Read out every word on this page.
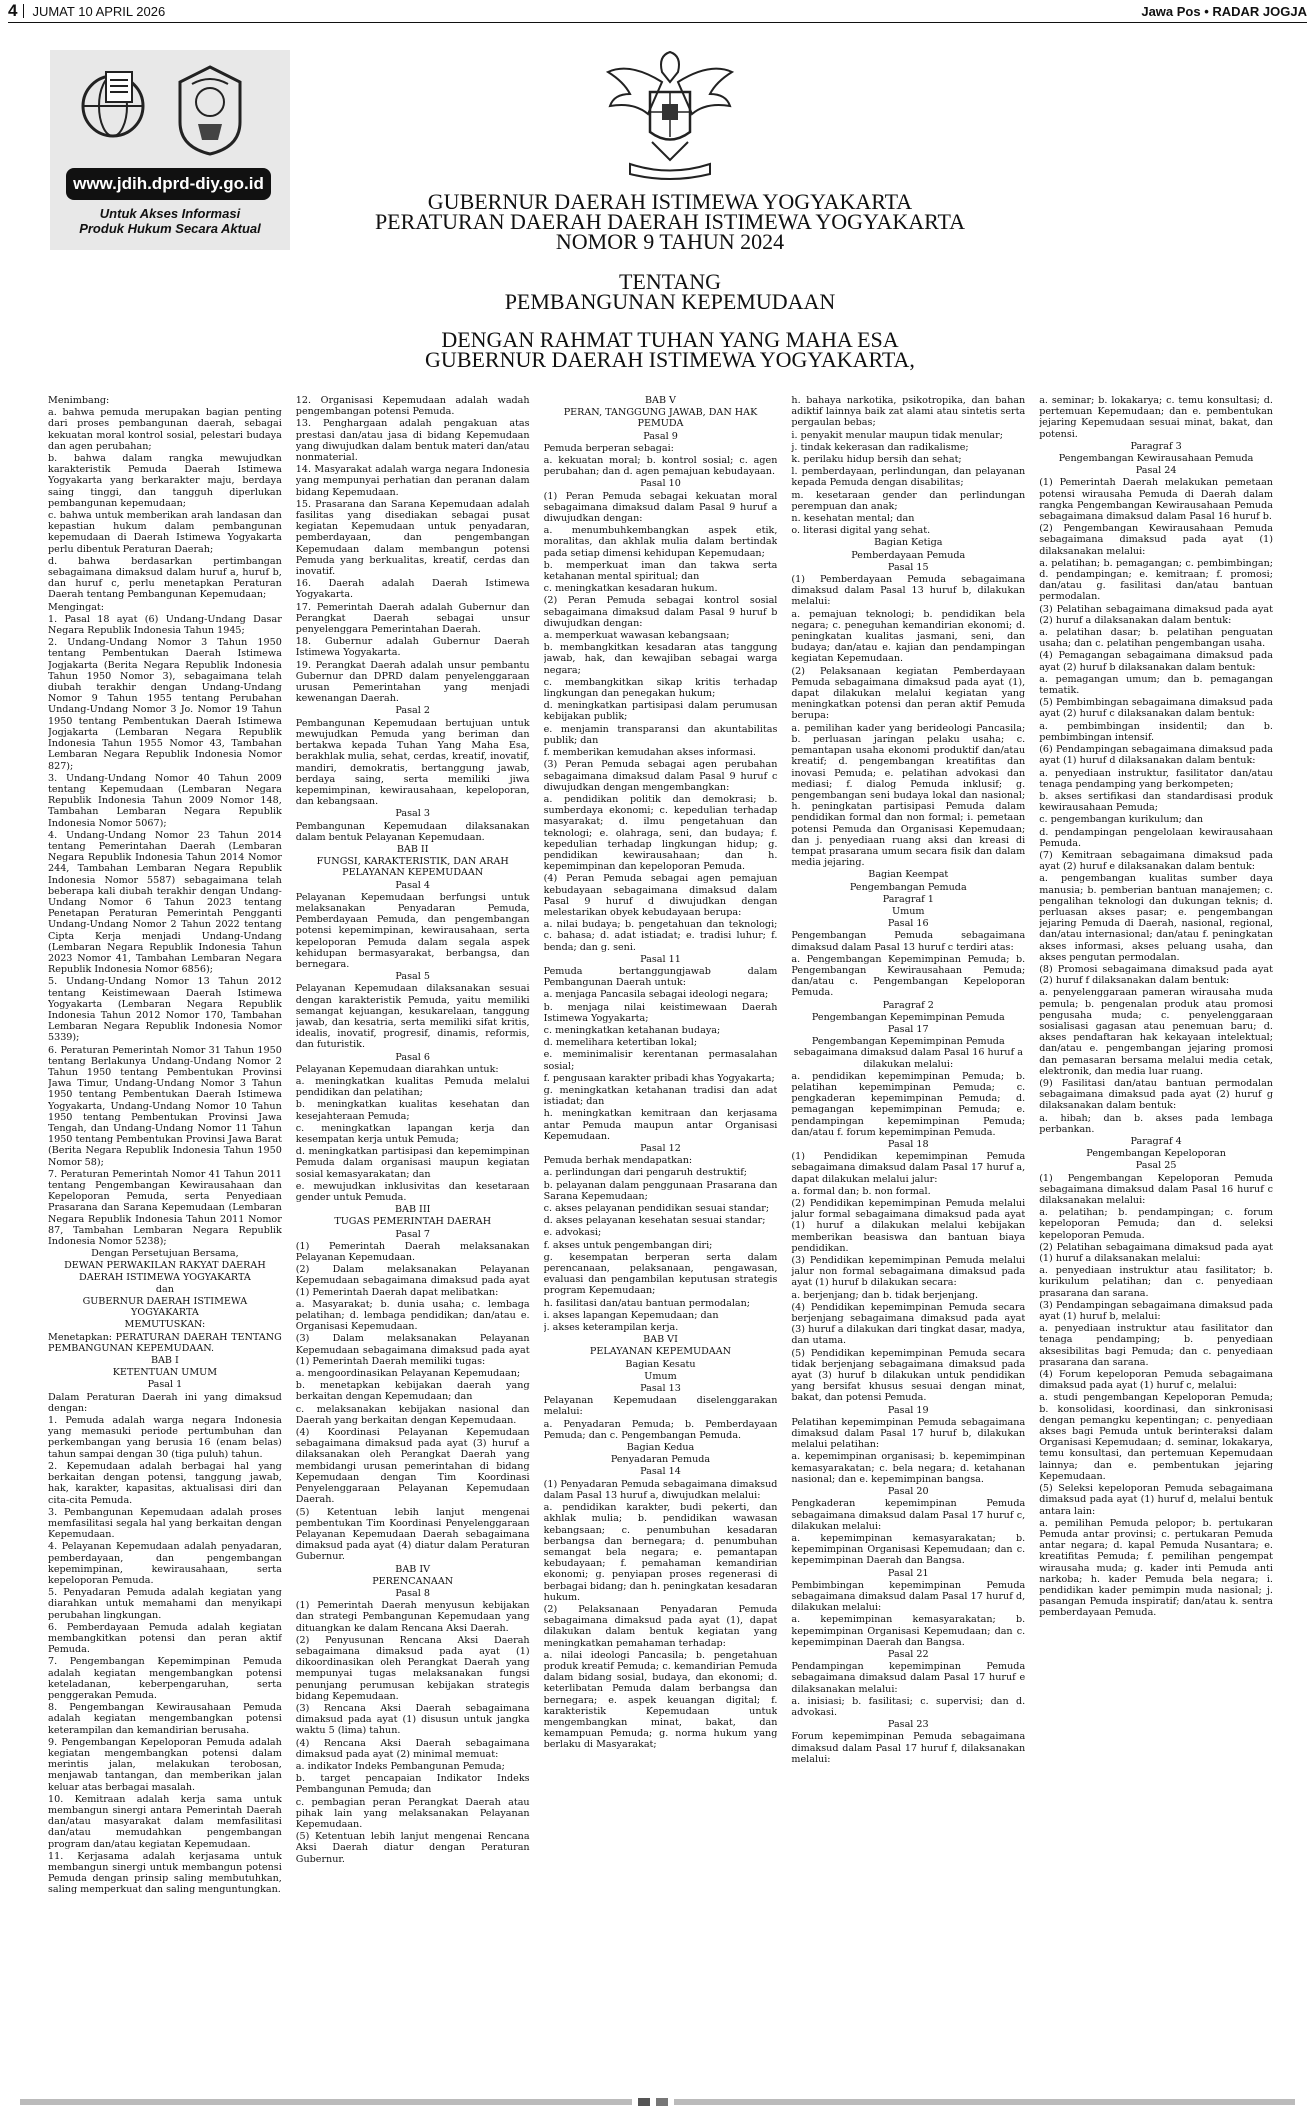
4 JUMAT 10 APRIL 2026	Jawa Pos • RADAR JOGJA
www.jdih.dprd-diy.go.id
Untuk Akses Informasi
Produk Hukum Secara Aktual
GUBERNUR DAERAH ISTIMEWA YOGYAKARTA
PERATURAN DAERAH DAERAH ISTIMEWA YOGYAKARTA
NOMOR 9 TAHUN 2024
TENTANG
PEMBANGUNAN KEPEMUDAAN
DENGAN RAHMAT TUHAN YANG MAHA ESA
GUBERNUR DAERAH ISTIMEWA YOGYAKARTA,

Menimbang:

a. bahwa pemuda merupakan bagian penting dari proses pembangunan daerah, sebagai kekuatan moral kontrol sosial, pelestari budaya dan agen perubahan;

b. bahwa dalam rangka mewujudkan karakteristik Pemuda Daerah Istimewa Yogyakarta yang berkarakter maju, berdaya saing tinggi, dan tangguh diperlukan pembangunan kepemudaan;

c. bahwa untuk memberikan arah landasan dan kepastian hukum dalam pembangunan kepemudaan di Daerah Istimewa Yogyakarta perlu dibentuk Peraturan Daerah;

d. bahwa berdasarkan pertimbangan sebagaimana dimaksud dalam huruf a, huruf b, dan huruf c, perlu menetapkan Peraturan Daerah tentang Pembangunan Kepemudaan;

Mengingat:

1. Pasal 18 ayat (6) Undang-Undang Dasar Negara Republik Indonesia Tahun 1945;

2. Undang-Undang Nomor 3 Tahun 1950 tentang Pembentukan Daerah Istimewa Jogjakarta (Berita Negara Republik Indonesia Tahun 1950 Nomor 3), sebagaimana telah diubah terakhir dengan Undang-Undang Nomor 9 Tahun 1955 tentang Perubahan Undang-Undang Nomor 3 Jo. Nomor 19 Tahun 1950 tentang Pembentukan Daerah Istimewa Jogjakarta (Lembaran Negara Republik Indonesia Tahun 1955 Nomor 43, Tambahan Lembaran Negara Republik Indonesia Nomor 827);

3. Undang-Undang Nomor 40 Tahun 2009 tentang Kepemudaan (Lembaran Negara Republik Indonesia Tahun 2009 Nomor 148, Tambahan Lembaran Negara Republik Indonesia Nomor 5067);

4. Undang-Undang Nomor 23 Tahun 2014 tentang Pemerintahan Daerah (Lembaran Negara Republik Indonesia Tahun 2014 Nomor 244, Tambahan Lembaran Negara Republik Indonesia Nomor 5587) sebagaimana telah beberapa kali diubah terakhir dengan Undang-Undang Nomor 6 Tahun 2023 tentang Penetapan Peraturan Pemerintah Pengganti Undang-Undang Nomor 2 Tahun 2022 tentang Cipta Kerja menjadi Undang-Undang (Lembaran Negara Republik Indonesia Tahun 2023 Nomor 41, Tambahan Lembaran Negara Republik Indonesia Nomor 6856);

5. Undang-Undang Nomor 13 Tahun 2012 tentang Keistimewaan Daerah Istimewa Yogyakarta (Lembaran Negara Republik Indonesia Tahun 2012 Nomor 170, Tambahan Lembaran Negara Republik Indonesia Nomor 5339);

6. Peraturan Pemerintah Nomor 31 Tahun 1950 tentang Berlakunya Undang-Undang Nomor 2 Tahun 1950 tentang Pembentukan Provinsi Jawa Timur, Undang-Undang Nomor 3 Tahun 1950 tentang Pembentukan Daerah Istimewa Yogyakarta, Undang-Undang Nomor 10 Tahun 1950 tentang Pembentukan Provinsi Jawa Tengah, dan Undang-Undang Nomor 11 Tahun 1950 tentang Pembentukan Provinsi Jawa Barat (Berita Negara Republik Indonesia Tahun 1950 Nomor 58);

7. Peraturan Pemerintah Nomor 41 Tahun 2011 tentang Pengembangan Kewirausahaan dan Kepeloporan Pemuda, serta Penyediaan Prasarana dan Sarana Kepemudaan (Lembaran Negara Republik Indonesia Tahun 2011 Nomor 87, Tambahan Lembaran Negara Republik Indonesia Nomor 5238);

Dengan Persetujuan Bersama,

DEWAN PERWAKILAN RAKYAT DAERAH DAERAH ISTIMEWA YOGYAKARTA

dan

GUBERNUR DAERAH ISTIMEWA YOGYAKARTA

MEMUTUSKAN:

Menetapkan: PERATURAN DAERAH TENTANG PEMBANGUNAN KEPEMUDAAN.

BAB I

KETENTUAN UMUM

Pasal 1

Dalam Peraturan Daerah ini yang dimaksud dengan:

1. Pemuda adalah warga negara Indonesia yang memasuki periode pertumbuhan dan perkembangan yang berusia 16 (enam belas) tahun sampai dengan 30 (tiga puluh) tahun.

2. Kepemudaan adalah berbagai hal yang berkaitan dengan potensi, tanggung jawab, hak, karakter, kapasitas, aktualisasi diri dan cita-cita Pemuda.

3. Pembangunan Kepemudaan adalah proses memfasilitasi segala hal yang berkaitan dengan Kepemudaan.

4. Pelayanan Kepemudaan adalah penyadaran, pemberdayaan, dan pengembangan kepemimpinan, kewirausahaan, serta kepeloporan Pemuda.

5. Penyadaran Pemuda adalah kegiatan yang diarahkan untuk memahami dan menyikapi perubahan lingkungan.

6. Pemberdayaan Pemuda adalah kegiatan membangkitkan potensi dan peran aktif Pemuda.

7. Pengembangan Kepemimpinan Pemuda adalah kegiatan mengembangkan potensi keteladanan, keberpengaruhan, serta penggerakan Pemuda.

8. Pengembangan Kewirausahaan Pemuda adalah kegiatan mengembangkan potensi keterampilan dan kemandirian berusaha.

9. Pengembangan Kepeloporan Pemuda adalah kegiatan mengembangkan potensi dalam merintis jalan, melakukan terobosan, menjawab tantangan, dan memberikan jalan keluar atas berbagai masalah.

10. Kemitraan adalah kerja sama untuk membangun sinergi antara Pemerintah Daerah dan/atau masyarakat dalam memfasilitasi dan/atau memudahkan pengembangan program dan/atau kegiatan Kepemudaan.

11. Kerjasama adalah kerjasama untuk membangun sinergi untuk membangun potensi Pemuda dengan prinsip saling membutuhkan, saling memperkuat dan saling menguntungkan.

12. Organisasi Kepemudaan adalah wadah pengembangan potensi Pemuda.

13. Penghargaan adalah pengakuan atas prestasi dan/atau jasa di bidang Kepemudaan yang diwujudkan dalam bentuk materi dan/atau nonmaterial.

14. Masyarakat adalah warga negara Indonesia yang mempunyai perhatian dan peranan dalam bidang Kepemudaan.

15. Prasarana dan Sarana Kepemudaan adalah fasilitas yang disediakan sebagai pusat kegiatan Kepemudaan untuk penyadaran, pemberdayaan, dan pengembangan Kepemudaan dalam membangun potensi Pemuda yang berkualitas, kreatif, cerdas dan inovatif.

16. Daerah adalah Daerah Istimewa Yogyakarta.

17. Pemerintah Daerah adalah Gubernur dan Perangkat Daerah sebagai unsur penyelenggara Pemerintahan Daerah.

18. Gubernur adalah Gubernur Daerah Istimewa Yogyakarta.

19. Perangkat Daerah adalah unsur pembantu Gubernur dan DPRD dalam penyelenggaraan urusan Pemerintahan yang menjadi kewenangan Daerah.

Pasal 2

Pembangunan Kepemudaan bertujuan untuk mewujudkan Pemuda yang beriman dan bertakwa kepada Tuhan Yang Maha Esa, berakhlak mulia, sehat, cerdas, kreatif, inovatif, mandiri, demokratis, bertanggung jawab, berdaya saing, serta memiliki jiwa kepemimpinan, kewirausahaan, kepeloporan, dan kebangsaan.

Pasal 3

Pembangunan Kepemudaan dilaksanakan dalam bentuk Pelayanan Kepemudaan.

BAB II

FUNGSI, KARAKTERISTIK, DAN ARAH PELAYANAN KEPEMUDAAN

Pasal 4

Pelayanan Kepemudaan berfungsi untuk melaksanakan Penyadaran Pemuda, Pemberdayaan Pemuda, dan pengembangan potensi kepemimpinan, kewirausahaan, serta kepeloporan Pemuda dalam segala aspek kehidupan bermasyarakat, berbangsa, dan bernegara.

Pasal 5

Pelayanan Kepemudaan dilaksanakan sesuai dengan karakteristik Pemuda, yaitu memiliki semangat kejuangan, kesukarelaan, tanggung jawab, dan kesatria, serta memiliki sifat kritis, idealis, inovatif, progresif, dinamis, reformis, dan futuristik.

Pasal 6

Pelayanan Kepemudaan diarahkan untuk:

a. meningkatkan kualitas Pemuda melalui pendidikan dan pelatihan;

b. meningkatkan kualitas kesehatan dan kesejahteraan Pemuda;

c. meningkatkan lapangan kerja dan kesempatan kerja untuk Pemuda;

d. meningkatkan partisipasi dan kepemimpinan Pemuda dalam organisasi maupun kegiatan sosial kemasyarakatan; dan

e. mewujudkan inklusivitas dan kesetaraan gender untuk Pemuda.

BAB III

TUGAS PEMERINTAH DAERAH

Pasal 7

(1) Pemerintah Daerah melaksanakan Pelayanan Kepemudaan.

(2) Dalam melaksanakan Pelayanan Kepemudaan sebagaimana dimaksud pada ayat (1) Pemerintah Daerah dapat melibatkan:

a. Masyarakat; b. dunia usaha; c. lembaga pelatihan; d. lembaga pendidikan; dan/atau e. Organisasi Kepemudaan.

(3) Dalam melaksanakan Pelayanan Kepemudaan sebagaimana dimaksud pada ayat (1) Pemerintah Daerah memiliki tugas:

a. mengoordinasikan Pelayanan Kepemudaan;

b. menetapkan kebijakan daerah yang berkaitan dengan Kepemudaan; dan

c. melaksanakan kebijakan nasional dan Daerah yang berkaitan dengan Kepemudaan.

(4) Koordinasi Pelayanan Kepemudaan sebagaimana dimaksud pada ayat (3) huruf a dilaksanakan oleh Perangkat Daerah yang membidangi urusan pemerintahan di bidang Kepemudaan dengan Tim Koordinasi Penyelenggaraan Pelayanan Kepemudaan Daerah.

(5) Ketentuan lebih lanjut mengenai pembentukan Tim Koordinasi Penyelenggaraan Pelayanan Kepemudaan Daerah sebagaimana dimaksud pada ayat (4) diatur dalam Peraturan Gubernur.

BAB IV

PERENCANAAN

Pasal 8

(1) Pemerintah Daerah menyusun kebijakan dan strategi Pembangunan Kepemudaan yang dituangkan ke dalam Rencana Aksi Daerah.

(2) Penyusunan Rencana Aksi Daerah sebagaimana dimaksud pada ayat (1) dikoordinasikan oleh Perangkat Daerah yang mempunyai tugas melaksanakan fungsi penunjang perumusan kebijakan strategis bidang Kepemudaan.

(3) Rencana Aksi Daerah sebagaimana dimaksud pada ayat (1) disusun untuk jangka waktu 5 (lima) tahun.

(4) Rencana Aksi Daerah sebagaimana dimaksud pada ayat (2) minimal memuat:

a. indikator Indeks Pembangunan Pemuda;

b. target pencapaian Indikator Indeks Pembangunan Pemuda; dan

c. pembagian peran Perangkat Daerah atau pihak lain yang melaksanakan Pelayanan Kepemudaan.

(5) Ketentuan lebih lanjut mengenai Rencana Aksi Daerah diatur dengan Peraturan Gubernur.

BAB V

PERAN, TANGGUNG JAWAB, DAN HAK PEMUDA

Pasal 9

Pemuda berperan sebagai:

a. kekuatan moral; b. kontrol sosial; c. agen perubahan; dan d. agen pemajuan kebudayaan.

Pasal 10

(1) Peran Pemuda sebagai kekuatan moral sebagaimana dimaksud dalam Pasal 9 huruf a diwujudkan dengan:

a. menumbuhkembangkan aspek etik, moralitas, dan akhlak mulia dalam bertindak pada setiap dimensi kehidupan Kepemudaan;

b. memperkuat iman dan takwa serta ketahanan mental spiritual; dan

c. meningkatkan kesadaran hukum.

(2) Peran Pemuda sebagai kontrol sosial sebagaimana dimaksud dalam Pasal 9 huruf b diwujudkan dengan:

a. memperkuat wawasan kebangsaan;

b. membangkitkan kesadaran atas tanggung jawab, hak, dan kewajiban sebagai warga negara;

c. membangkitkan sikap kritis terhadap lingkungan dan penegakan hukum;

d. meningkatkan partisipasi dalam perumusan kebijakan publik;

e. menjamin transparansi dan akuntabilitas publik; dan

f. memberikan kemudahan akses informasi.

(3) Peran Pemuda sebagai agen perubahan sebagaimana dimaksud dalam Pasal 9 huruf c diwujudkan dengan mengembangkan:

a. pendidikan politik dan demokrasi; b. sumberdaya ekonomi; c. kepedulian terhadap masyarakat; d. ilmu pengetahuan dan teknologi; e. olahraga, seni, dan budaya; f. kepedulian terhadap lingkungan hidup; g. pendidikan kewirausahaan; dan h. kepemimpinan dan kepeloporan Pemuda.

(4) Peran Pemuda sebagai agen pemajuan kebudayaan sebagaimana dimaksud dalam Pasal 9 huruf d diwujudkan dengan melestarikan obyek kebudayaan berupa:

a. nilai budaya; b. pengetahuan dan teknologi; c. bahasa; d. adat istiadat; e. tradisi luhur; f. benda; dan g. seni.

Pasal 11

Pemuda bertanggungjawab dalam Pembangunan Daerah untuk:

a. menjaga Pancasila sebagai ideologi negara;

b. menjaga nilai keistimewaan Daerah Istimewa Yogyakarta;

c. meningkatkan ketahanan budaya;

d. memelihara ketertiban lokal;

e. meminimalisir kerentanan permasalahan sosial;

f. pengusaan karakter pribadi khas Yogyakarta;

g. meningkatkan ketahanan tradisi dan adat istiadat; dan

h. meningkatkan kemitraan dan kerjasama antar Pemuda maupun antar Organisasi Kepemudaan.

Pasal 12

Pemuda berhak mendapatkan:

a. perlindungan dari pengaruh destruktif;

b. pelayanan dalam penggunaan Prasarana dan Sarana Kepemudaan;

c. akses pelayanan pendidikan sesuai standar;

d. akses pelayanan kesehatan sesuai standar;

e. advokasi;

f. akses untuk pengembangan diri;

g. kesempatan berperan serta dalam perencanaan, pelaksanaan, pengawasan, evaluasi dan pengambilan keputusan strategis program Kepemudaan;

h. fasilitasi dan/atau bantuan permodalan;

i. akses lapangan Kepemudaan; dan

j. akses keterampilan kerja.

BAB VI

PELAYANAN KEPEMUDAAN

Bagian Kesatu

Umum

Pasal 13

Pelayanan Kepemudaan diselenggarakan melalui:

a. Penyadaran Pemuda; b. Pemberdayaan Pemuda; dan c. Pengembangan Pemuda.

Bagian Kedua

Penyadaran Pemuda

Pasal 14

(1) Penyadaran Pemuda sebagaimana dimaksud dalam Pasal 13 huruf a, diwujudkan melalui:

a. pendidikan karakter, budi pekerti, dan akhlak mulia; b. pendidikan wawasan kebangsaan; c. penumbuhan kesadaran berbangsa dan bernegara; d. penumbuhan semangat bela negara; e. pemantapan kebudayaan; f. pemahaman kemandirian ekonomi; g. penyiapan proses regenerasi di berbagai bidang; dan h. peningkatan kesadaran hukum.

(2) Pelaksanaan Penyadaran Pemuda sebagaimana dimaksud pada ayat (1), dapat dilakukan dalam bentuk kegiatan yang meningkatkan pemahaman terhadap:

a. nilai ideologi Pancasila; b. pengetahuan produk kreatif Pemuda; c. kemandirian Pemuda dalam bidang sosial, budaya, dan ekonomi; d. keterlibatan Pemuda dalam berbangsa dan bernegara; e. aspek keuangan digital; f. karakteristik Kepemudaan untuk mengembangkan minat, bakat, dan kemampuan Pemuda; g. norma hukum yang berlaku di Masyarakat;

h. bahaya narkotika, psikotropika, dan bahan adiktif lainnya baik zat alami atau sintetis serta pergaulan bebas;

i. penyakit menular maupun tidak menular;

j. tindak kekerasan dan radikalisme;

k. perilaku hidup bersih dan sehat;

l. pemberdayaan, perlindungan, dan pelayanan kepada Pemuda dengan disabilitas;

m. kesetaraan gender dan perlindungan perempuan dan anak;

n. kesehatan mental; dan

o. literasi digital yang sehat.

Bagian Ketiga

Pemberdayaan Pemuda

Pasal 15

(1) Pemberdayaan Pemuda sebagaimana dimaksud dalam Pasal 13 huruf b, dilakukan melalui:

a. pemajuan teknologi; b. pendidikan bela negara; c. peneguhan kemandirian ekonomi; d. peningkatan kualitas jasmani, seni, dan budaya; dan/atau e. kajian dan pendampingan kegiatan Kepemudaan.

(2) Pelaksanaan kegiatan Pemberdayaan Pemuda sebagaimana dimaksud pada ayat (1), dapat dilakukan melalui kegiatan yang meningkatkan potensi dan peran aktif Pemuda berupa:

a. pemilihan kader yang berideologi Pancasila; b. perluasan jaringan pelaku usaha; c. pemantapan usaha ekonomi produktif dan/atau kreatif; d. pengembangan kreatifitas dan inovasi Pemuda; e. pelatihan advokasi dan mediasi; f. dialog Pemuda inklusif; g. pengembangan seni budaya lokal dan nasional; h. peningkatan partisipasi Pemuda dalam pendidikan formal dan non formal; i. pemetaan potensi Pemuda dan Organisasi Kepemudaan; dan j. penyediaan ruang aksi dan kreasi di tempat prasarana umum secara fisik dan dalam media jejaring.

Bagian Keempat

Pengembangan Pemuda

Paragraf 1

Umum

Pasal 16

Pengembangan Pemuda sebagaimana dimaksud dalam Pasal 13 huruf c terdiri atas:

a. Pengembangan Kepemimpinan Pemuda; b. Pengembangan Kewirausahaan Pemuda; dan/atau c. Pengembangan Kepeloporan Pemuda.

Paragraf 2

Pengembangan Kepemimpinan Pemuda

Pasal 17

Pengembangan Kepemimpinan Pemuda sebagaimana dimaksud dalam Pasal 16 huruf a dilakukan melalui:

a. pendidikan kepemimpinan Pemuda; b. pelatihan kepemimpinan Pemuda; c. pengkaderan kepemimpinan Pemuda; d. pemagangan kepemimpinan Pemuda; e. pendampingan kepemimpinan Pemuda; dan/atau f. forum kepemimpinan Pemuda.

Pasal 18

(1) Pendidikan kepemimpinan Pemuda sebagaimana dimaksud dalam Pasal 17 huruf a, dapat dilakukan melalui jalur:

a. formal dan; b. non formal.

(2) Pendidikan kepemimpinan Pemuda melalui jalur formal sebagaimana dimaksud pada ayat (1) huruf a dilakukan melalui kebijakan memberikan beasiswa dan bantuan biaya pendidikan.

(3) Pendidikan kepemimpinan Pemuda melalui jalur non formal sebagaimana dimaksud pada ayat (1) huruf b dilakukan secara:

a. berjenjang; dan b. tidak berjenjang.

(4) Pendidikan kepemimpinan Pemuda secara berjenjang sebagaimana dimaksud pada ayat (3) huruf a dilakukan dari tingkat dasar, madya, dan utama.

(5) Pendidikan kepemimpinan Pemuda secara tidak berjenjang sebagaimana dimaksud pada ayat (3) huruf b dilakukan untuk pendidikan yang bersifat khusus sesuai dengan minat, bakat, dan potensi Pemuda.

Pasal 19

Pelatihan kepemimpinan Pemuda sebagaimana dimaksud dalam Pasal 17 huruf b, dilakukan melalui pelatihan:

a. kepemimpinan organisasi; b. kepemimpinan kemasyarakatan; c. bela negara; d. ketahanan nasional; dan e. kepemimpinan bangsa.

Pasal 20

Pengkaderan kepemimpinan Pemuda sebagaimana dimaksud dalam Pasal 17 huruf c, dilakukan melalui:

a. kepemimpinan kemasyarakatan; b. kepemimpinan Organisasi Kepemudaan; dan c. kepemimpinan Daerah dan Bangsa.

Pasal 21

Pembimbingan kepemimpinan Pemuda sebagaimana dimaksud dalam Pasal 17 huruf d, dilakukan melalui:

a. kepemimpinan kemasyarakatan; b. kepemimpinan Organisasi Kepemudaan; dan c. kepemimpinan Daerah dan Bangsa.

Pasal 22

Pendampingan kepemimpinan Pemuda sebagaimana dimaksud dalam Pasal 17 huruf e dilaksanakan melalui:

a. inisiasi; b. fasilitasi; c. supervisi; dan d. advokasi.

Pasal 23

Forum kepemimpinan Pemuda sebagaimana dimaksud dalam Pasal 17 huruf f, dilaksanakan melalui:

a. seminar; b. lokakarya; c. temu konsultasi; d. pertemuan Kepemudaan; dan e. pembentukan jejaring Kepemudaan sesuai minat, bakat, dan potensi.

Paragraf 3

Pengembangan Kewirausahaan Pemuda

Pasal 24

(1) Pemerintah Daerah melakukan pemetaan potensi wirausaha Pemuda di Daerah dalam rangka Pengembangan Kewirausahaan Pemuda sebagaimana dimaksud dalam Pasal 16 huruf b.

(2) Pengembangan Kewirausahaan Pemuda sebagaimana dimaksud pada ayat (1) dilaksanakan melalui:

a. pelatihan; b. pemagangan; c. pembimbingan; d. pendampingan; e. kemitraan; f. promosi; dan/atau g. fasilitasi dan/atau bantuan permodalan.

(3) Pelatihan sebagaimana dimaksud pada ayat (2) huruf a dilaksanakan dalam bentuk:

a. pelatihan dasar; b. pelatihan penguatan usaha; dan c. pelatihan pengembangan usaha.

(4) Pemagangan sebagaimana dimaksud pada ayat (2) huruf b dilaksanakan dalam bentuk:

a. pemagangan umum; dan b. pemagangan tematik.

(5) Pembimbingan sebagaimana dimaksud pada ayat (2) huruf c dilaksanakan dalam bentuk:

a. pembimbingan insidentil; dan b. pembimbingan intensif.

(6) Pendampingan sebagaimana dimaksud pada ayat (1) huruf d dilaksanakan dalam bentuk:

a. penyediaan instruktur, fasilitator dan/atau tenaga pendamping yang berkompeten;

b. akses sertifikasi dan standardisasi produk kewirausahaan Pemuda;

c. pengembangan kurikulum; dan

d. pendampingan pengelolaan kewirausahaan Pemuda.

(7) Kemitraan sebagaimana dimaksud pada ayat (2) huruf e dilaksanakan dalam bentuk:

a. pengembangan kualitas sumber daya manusia; b. pemberian bantuan manajemen; c. pengalihan teknologi dan dukungan teknis; d. perluasan akses pasar; e. pengembangan jejaring Pemuda di Daerah, nasional, regional, dan/atau internasional; dan/atau f. peningkatan akses informasi, akses peluang usaha, dan akses pengutan permodalan.

(8) Promosi sebagaimana dimaksud pada ayat (2) huruf f dilaksanakan dalam bentuk:

a. penyelenggaraan pameran wirausaha muda pemula; b. pengenalan produk atau promosi pengusaha muda; c. penyelenggaraan sosialisasi gagasan atau penemuan baru; d. akses pendaftaran hak kekayaan intelektual; dan/atau e. pengembangan jejaring promosi dan pemasaran bersama melalui media cetak, elektronik, dan media luar ruang.

(9) Fasilitasi dan/atau bantuan permodalan sebagaimana dimaksud pada ayat (2) huruf g dilaksanakan dalam bentuk:

a. hibah; dan b. akses pada lembaga perbankan.

Paragraf 4

Pengembangan Kepeloporan

Pasal 25

(1) Pengembangan Kepeloporan Pemuda sebagaimana dimaksud dalam Pasal 16 huruf c dilaksanakan melalui:

a. pelatihan; b. pendampingan; c. forum kepeloporan Pemuda; dan d. seleksi kepeloporan Pemuda.

(2) Pelatihan sebagaimana dimaksud pada ayat (1) huruf a dilaksanakan melalui:

a. penyediaan instruktur atau fasilitator; b. kurikulum pelatihan; dan c. penyediaan prasarana dan sarana.

(3) Pendampingan sebagaimana dimaksud pada ayat (1) huruf b, melalui:

a. penyediaan instruktur atau fasilitator dan tenaga pendamping; b. penyediaan aksesibilitas bagi Pemuda; dan c. penyediaan prasarana dan sarana.

(4) Forum kepeloporan Pemuda sebagaimana dimaksud pada ayat (1) huruf c, melalui:

a. studi pengembangan Kepeloporan Pemuda; b. konsolidasi, koordinasi, dan sinkronisasi dengan pemangku kepentingan; c. penyediaan akses bagi Pemuda untuk berinteraksi dalam Organisasi Kepemudaan; d. seminar, lokakarya, temu konsultasi, dan pertemuan Kepemudaan lainnya; dan e. pembentukan jejaring Kepemudaan.

(5) Seleksi kepeloporan Pemuda sebagaimana dimaksud pada ayat (1) huruf d, melalui bentuk antara lain:

a. pemilihan Pemuda pelopor; b. pertukaran Pemuda antar provinsi; c. pertukaran Pemuda antar negara; d. kapal Pemuda Nusantara; e. kreatifitas Pemuda; f. pemilihan pengempat wirausaha muda; g. kader inti Pemuda anti narkoba; h. kader Pemuda bela negara; i. pendidikan kader pemimpin muda nasional; j. pasangan Pemuda inspiratif; dan/atau k. sentra pemberdayaan Pemuda.
